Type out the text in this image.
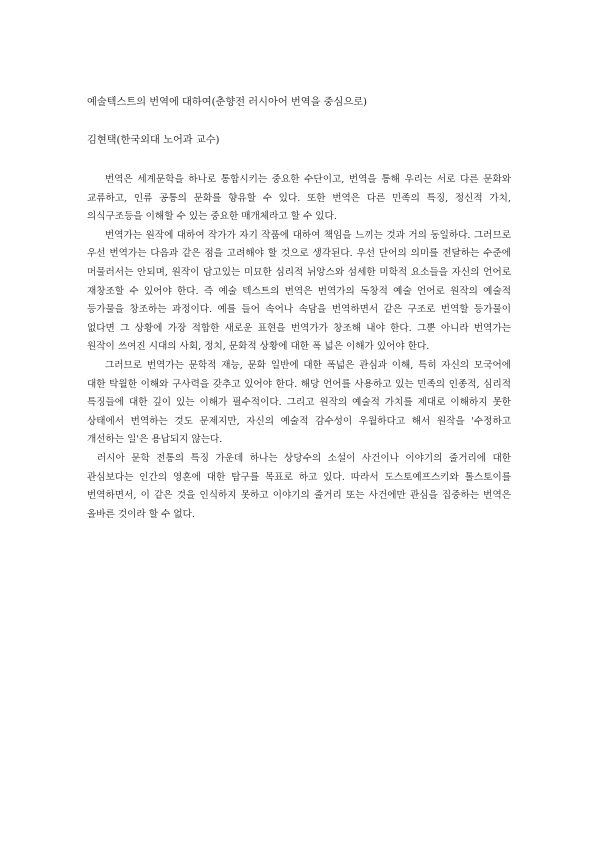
예술텍스트의 번역에 대하여(춘향전 러시아어 번역을 중심으로)

김현택(한국외대 노어과 교수)

번역은 세계문학을 하나로 통합시키는 중요한 수단이고, 번역을 통해 우리는 서로 다른 문화와 교류하고, 인류 공통의 문화를 향유할 수 있다. 또한 번역은 다른 민족의 특징, 정신적 가치, 의식구조등을 이해할 수 있는 중요한 매개체라고 할 수 있다.

번역가는 원작에 대하여 작가가 자기 작품에 대하여 책임을 느끼는 것과 거의 동일하다. 그러므로 우선 번역가는 다음과 같은 점을 고려해야 할 것으로 생각된다. 우선 단어의 의미를 전달하는 수준에 머물러서는 안되며, 원작이 담고있는 미묘한 심리적 뉘앙스와 섬세한 미학적 요소들을 자신의 언어로 재창조할 수 있어야 한다. 즉 예술 텍스트의 번역은 번역가의 독창적 예술 언어로 원작의 예술적 등가물을 창조하는 과정이다. 예를 들어 속어나 속담을 번역하면서 같은 구조로 번역할 등가물이 없다면 그 상황에 가장 적합한 새로운 표현을 번역가가 창조해 내야 한다. 그뿐 아니라 번역가는 원작이 쓰여진 시대의 사회, 정치, 문화적 상황에 대한 폭 넓은 이해가 있어야 한다.

그러므로 번역가는 문학적 재능, 문화 일반에 대한 폭넓은 관심과 이해, 특히 자신의 모국어에 대한 탁월한 이해와 구사력을 갖추고 있어야 한다. 해당 언어를 사용하고 있는 민족의 인종적, 심리적 특징들에 대한 깊이 있는 이해가 필수적이다. 그리고 원작의 예술적 가치를 제대로 이해하지 못한 상태에서 번역하는 것도 문제지만, 자신의 예술적 감수성이 우월하다고 해서 원작을 '수정하고 개선하는 일'은 용납되지 않는다.

러시아 문학 전통의 특징 가운데 하나는 상당수의 소설이 사건이나 이야기의 줄거리에 대한 관심보다는 인간의 영혼에 대한 탐구를 목표로 하고 있다. 따라서 도스토예프스키와 톨스토이를 번역하면서, 이 같은 것을 인식하지 못하고 이야기의 줄거리 또는 사건에만 관심을 집중하는 번역은 올바른 것이라 할 수 없다.
